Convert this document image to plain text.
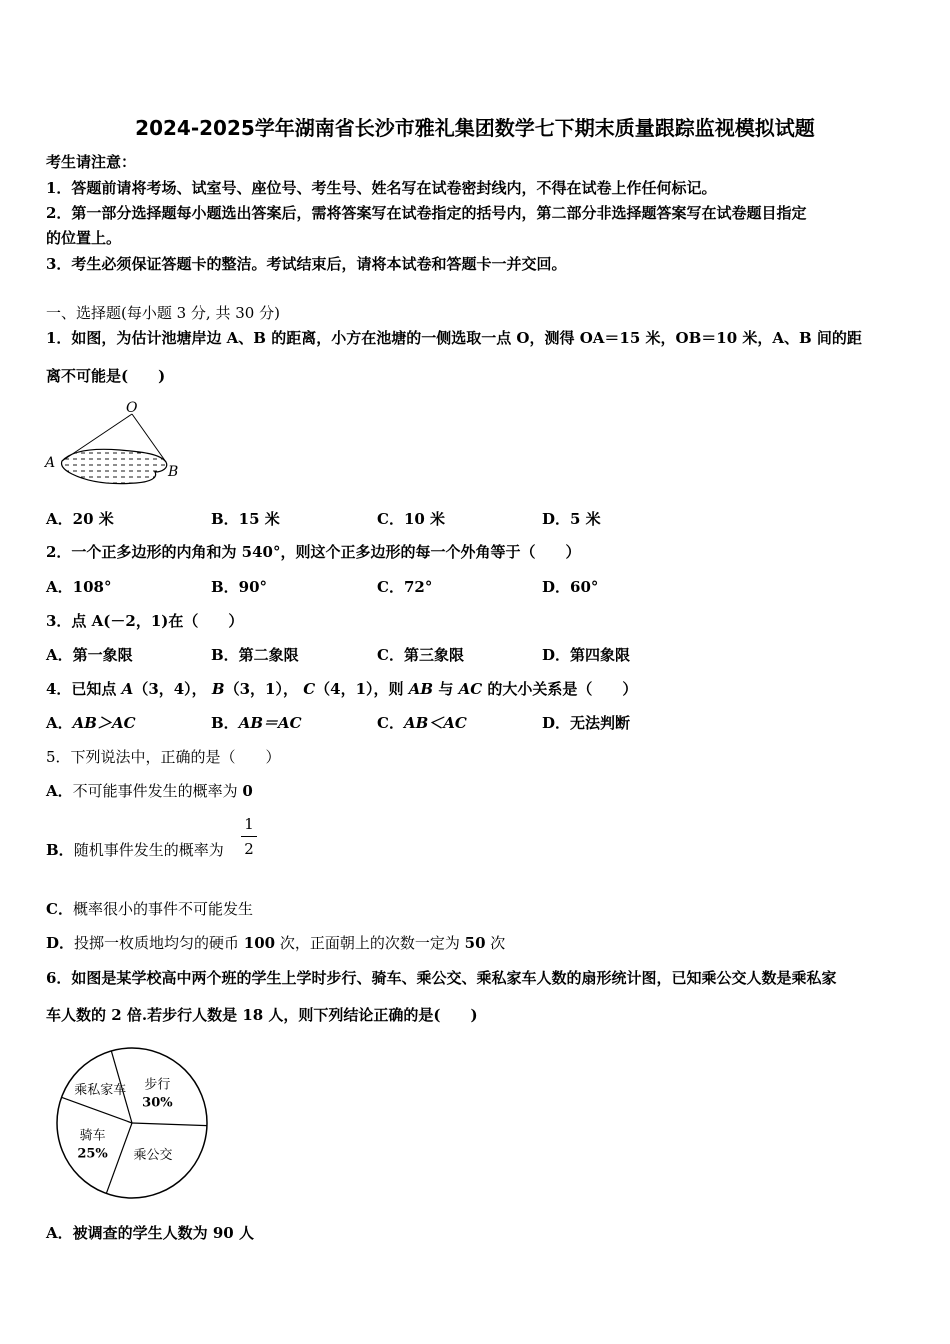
2024-2025学年湖南省长沙市雅礼集团数学七下期末质量跟踪监视模拟试题
考生请注意：
1．答题前请将考场、试室号、座位号、考生号、姓名写在试卷密封线内，不得在试卷上作任何标记。
2．第一部分选择题每小题选出答案后，需将答案写在试卷指定的括号内，第二部分非选择题答案写在试卷题目指定
的位置上。
3．考生必须保证答题卡的整洁。考试结束后，请将本试卷和答题卡一并交回。
一、选择题(每小题 3 分, 共 30 分)
1．如图，为估计池塘岸边 A、B 的距离，小方在池塘的一侧选取一点 O，测得 OA＝15 米，OB＝10 米，A、B 间的距
离不可能是(　　)
O
A
B
A．20 米	B．15 米	C．10 米	D．5 米
2．一个正多边形的内角和为 540°，则这个正多边形的每一个外角等于（　　）
A．108°	B．90°	C．72°	D．60°
3．点 A(－2，1)在（　　）
A．第一象限	B．第二象限	C．第三象限	D．第四象限
4．已知点 A（3，4）， B（3，1）， C（4，1），则 AB 与 AC 的大小关系是（　　）
A．AB＞AC	B．AB＝AC	C．AB＜AC	D．无法判断
5．下列说法中，正确的是（　　）
A．不可能事件发生的概率为 0
B．随机事件发生的概率为
1
2
C．概率很小的事件不可能发生
D．投掷一枚质地均匀的硬币 100 次，正面朝上的次数一定为 50 次
6．如图是某学校高中两个班的学生上学时步行、骑车、乘公交、乘私家车人数的扇形统计图，已知乘公交人数是乘私家
车人数的 2 倍.若步行人数是 18 人，则下列结论正确的是(　　)
步行
30%
乘公交
骑车
25%
乘私家车
A．被调查的学生人数为 90 人
